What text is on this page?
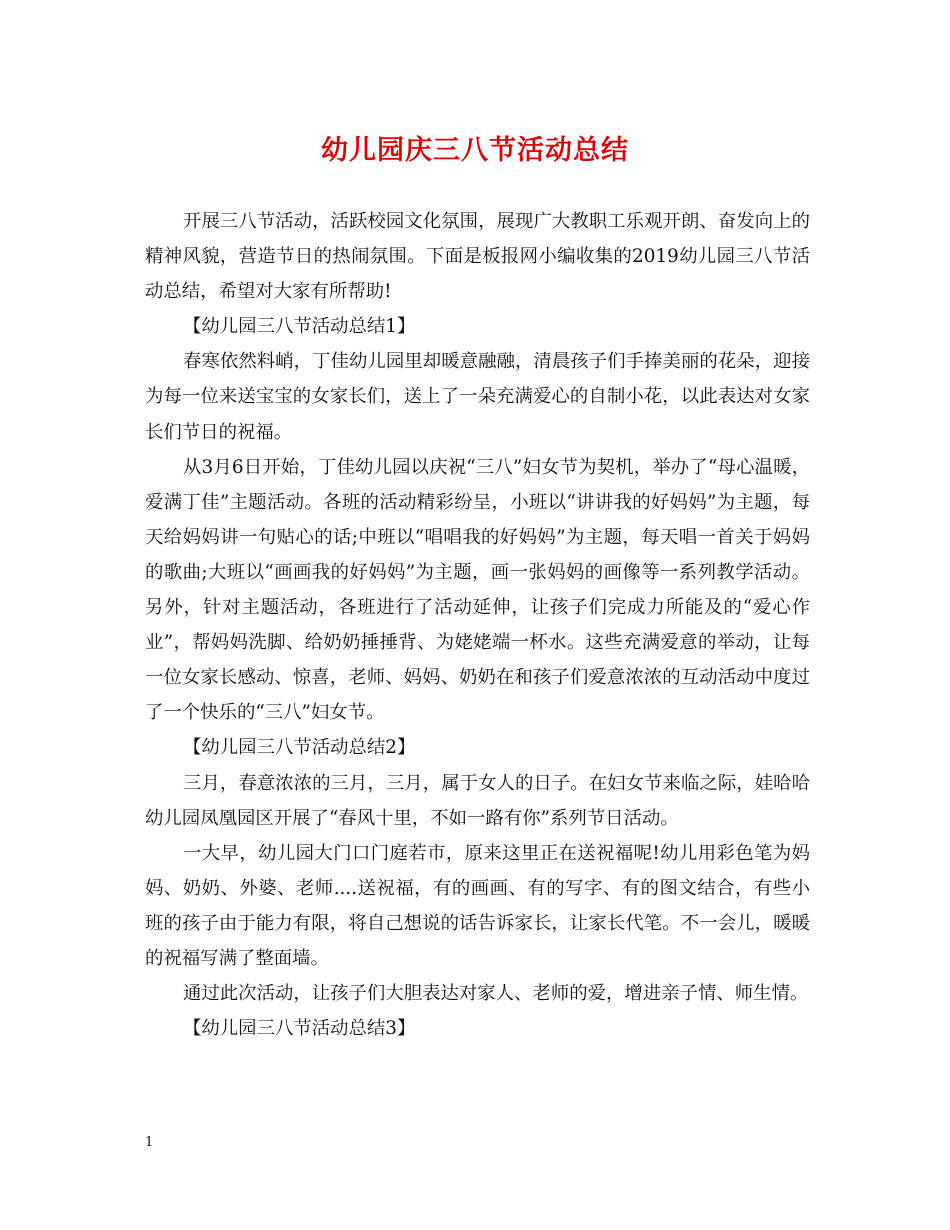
幼儿园庆三八节活动总结

开展三八节活动，活跃校园文化氛围，展现广大教职工乐观开朗、奋发向上的精神风貌，营造节日的热闹氛围。下面是板报网小编收集的2019幼儿园三八节活动总结，希望对大家有所帮助!

【幼儿园三八节活动总结1】

春寒依然料峭，丁佳幼儿园里却暖意融融，清晨孩子们手捧美丽的花朵，迎接为每一位来送宝宝的女家长们，送上了一朵充满爱心的自制小花，以此表达对女家长们节日的祝福。

从3月6日开始，丁佳幼儿园以庆祝“三八”妇女节为契机，举办了“母心温暖，爱满丁佳”主题活动。各班的活动精彩纷呈，小班以“讲讲我的好妈妈”为主题，每天给妈妈讲一句贴心的话;中班以“唱唱我的好妈妈”为主题，每天唱一首关于妈妈的歌曲;大班以“画画我的好妈妈”为主题，画一张妈妈的画像等一系列教学活动。另外，针对主题活动，各班进行了活动延伸，让孩子们完成力所能及的“爱心作业”，帮妈妈洗脚、给奶奶捶捶背、为姥姥端一杯水。这些充满爱意的举动，让每一位女家长感动、惊喜，老师、妈妈、奶奶在和孩子们爱意浓浓的互动活动中度过了一个快乐的“三八”妇女节。

【幼儿园三八节活动总结2】

三月，春意浓浓的三月，三月，属于女人的日子。在妇女节来临之际，娃哈哈幼儿园凤凰园区开展了“春风十里，不如一路有你”系列节日活动。

一大早，幼儿园大门口门庭若市，原来这里正在送祝福呢!幼儿用彩色笔为妈妈、奶奶、外婆、老师....送祝福，有的画画、有的写字、有的图文结合，有些小班的孩子由于能力有限，将自己想说的话告诉家长，让家长代笔。不一会儿，暖暖的祝福写满了整面墙。

通过此次活动，让孩子们大胆表达对家人、老师的爱，增进亲子情、师生情。

【幼儿园三八节活动总结3】

1
